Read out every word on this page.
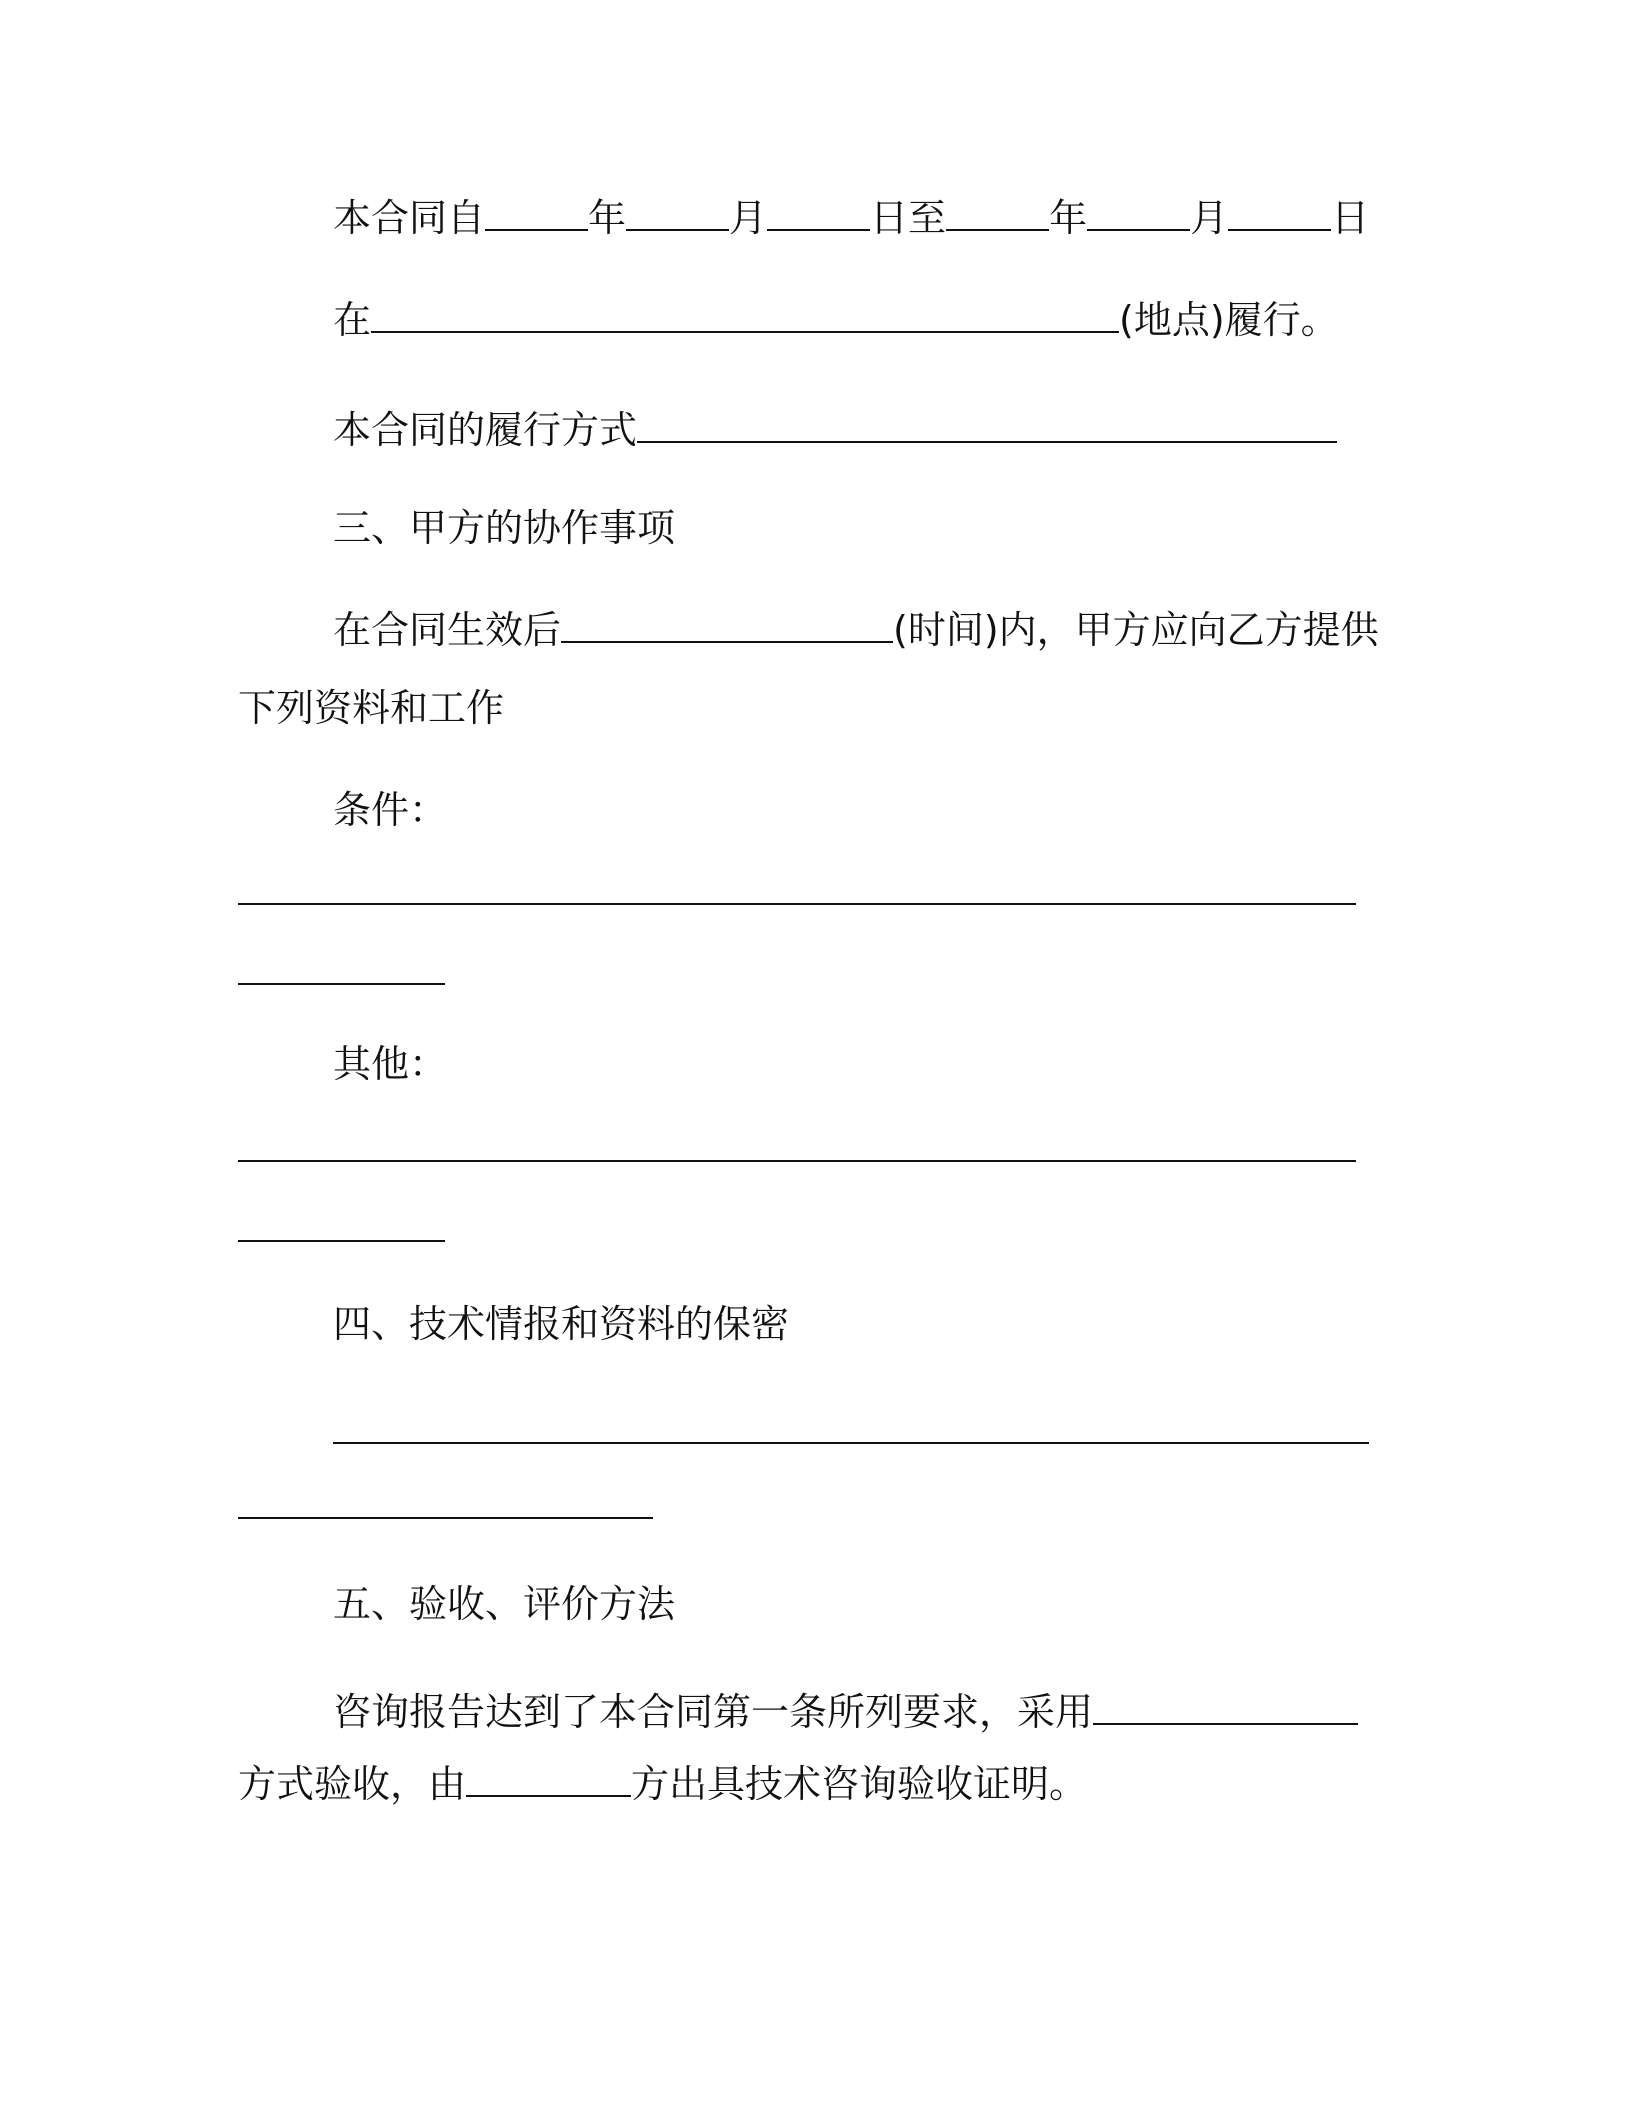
本合同自	年	月	日至	年	月	日

在	(地点)履行。

本合同的履行方式

三、甲方的协作事项

在合同生效后	(时间)内，甲方应向乙方提供

下列资料和工作

条件：

其他：

四、技术情报和资料的保密

五、验收、评价方法

咨询报告达到了本合同第一条所列要求，采用

方式验收，由	方出具技术咨询验收证明。
